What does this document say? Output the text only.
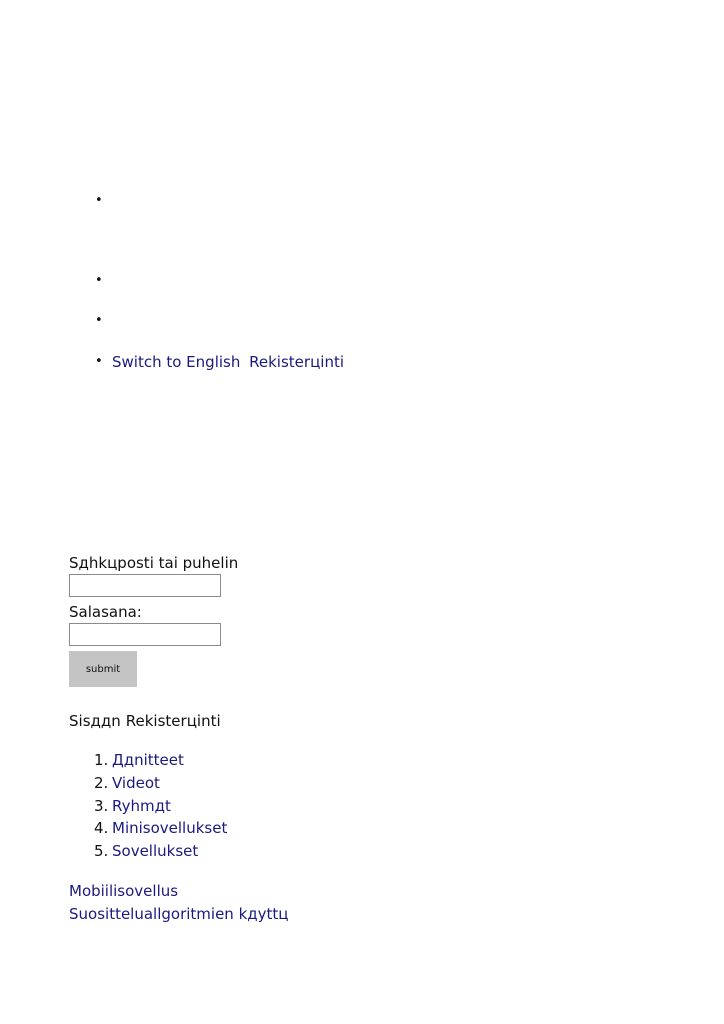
•
•
•
• Switch to English Rekisterцinti
Sдhkцposti tai puhelin
Salasana:
submit
Sisддn Rekisterцinti
1. Ддnitteet
2. Videot
3. Ryhmдt
4. Minisovellukset
5. Sovellukset
Mobiilisovellus
Suositteluallgoritmien kдyttц
